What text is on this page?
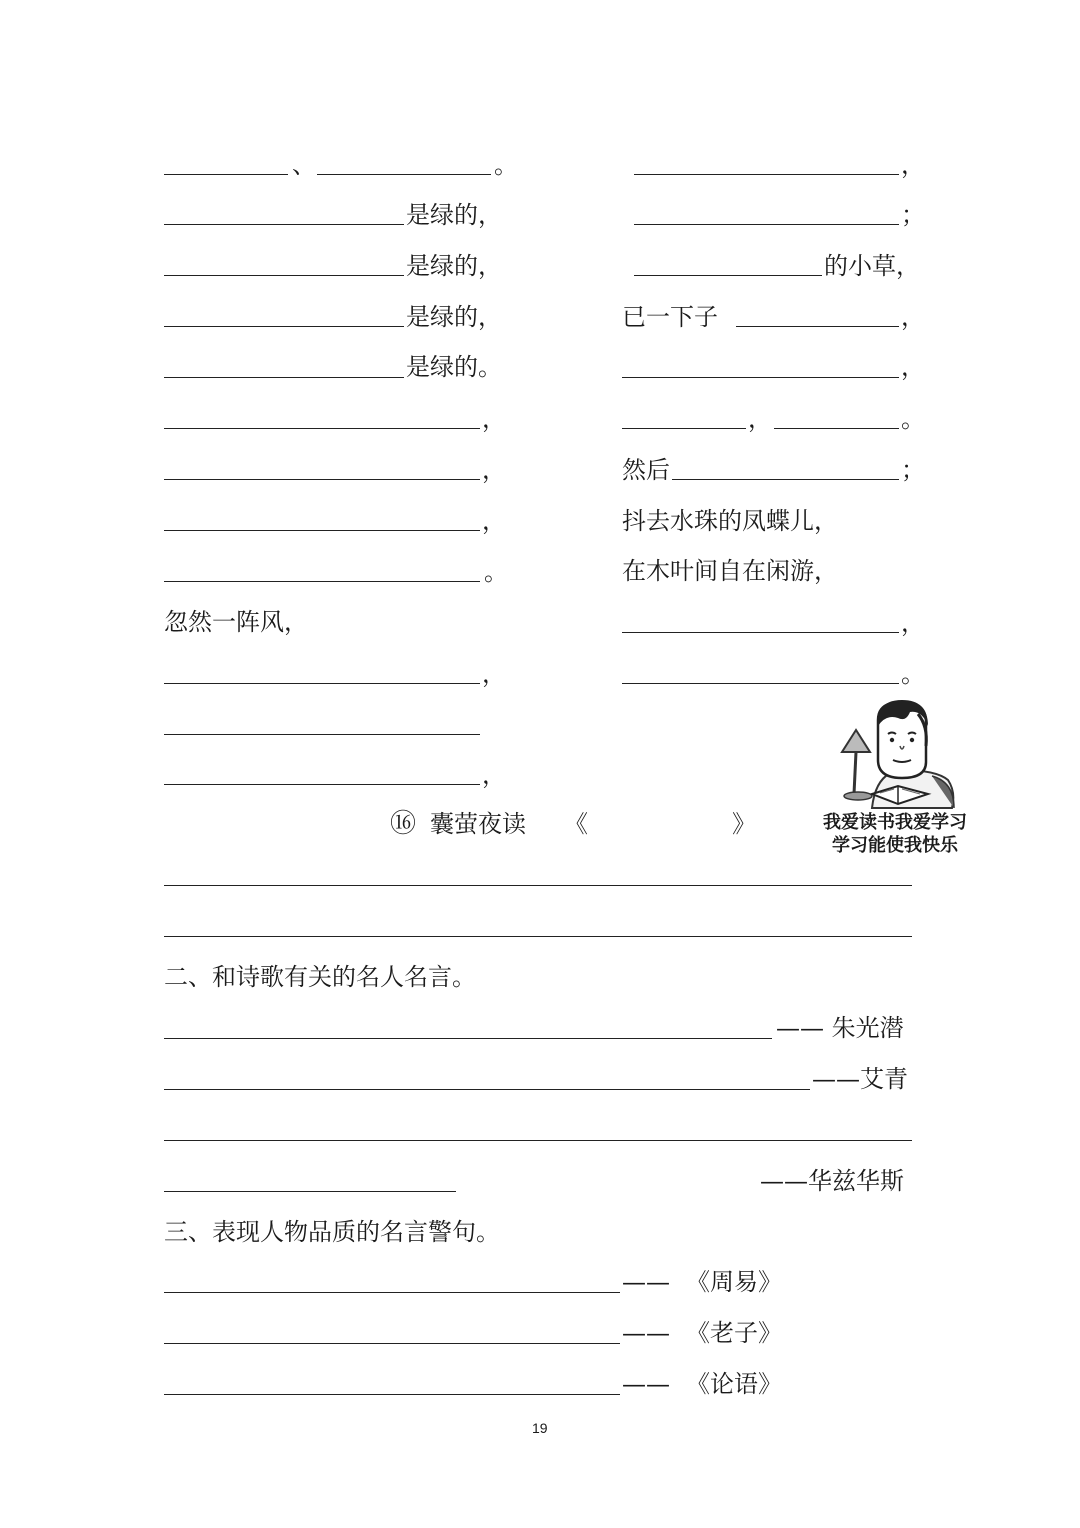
、	。
是绿的，
是绿的，
是绿的，
是绿的。
，
，
，
。
忽然一阵风，
，
，
，
；
的小草，
已一下子	，
，
，	。
然后	；
抖去水珠的凤蝶儿，
在木叶间自在闲游，
，
。
我爱读书我爱学习
学习能使我快乐
⑯ 囊萤夜读 《	》
二、和诗歌有关的名人名言。
—— 朱光潜
——艾青
——华兹华斯
三、表现人物品质的名言警句。
—— 《周易》
—— 《老子》
—— 《论语》
19
